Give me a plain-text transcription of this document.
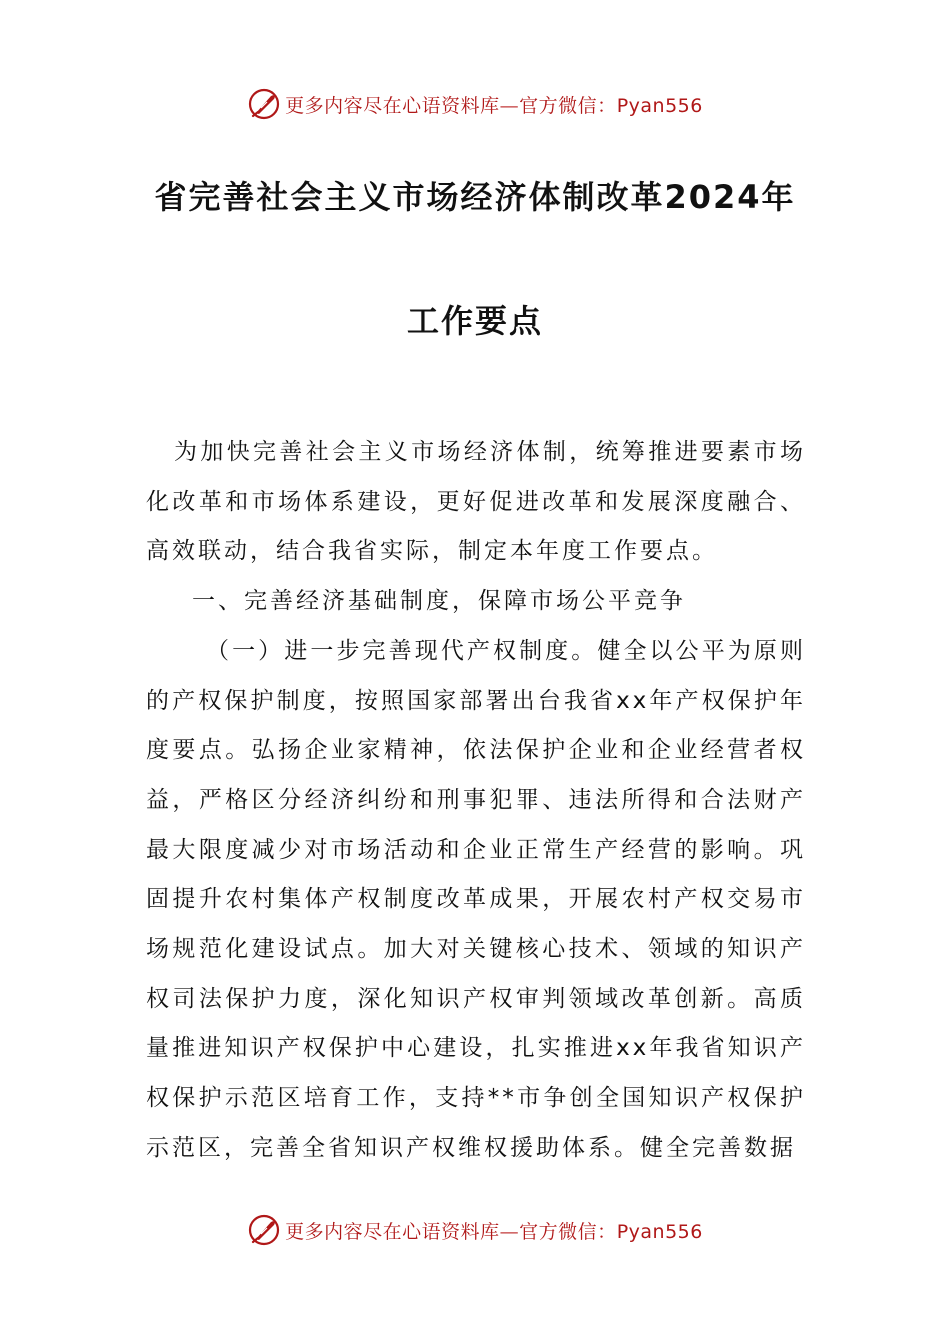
更多内容尽在心语资料库—官方微信：Pyan556
省完善社会主义市场经济体制改革2024年
工作要点

为加快完善社会主义市场经济体制，统筹推进要素市场化改革和市场体系建设，更好促进改革和发展深度融合、高效联动，结合我省实际，制定本年度工作要点。

一、完善经济基础制度，保障市场公平竞争

（一）进一步完善现代产权制度。健全以公平为原则的产权保护制度，按照国家部署出台我省xx年产权保护年度要点。弘扬企业家精神，依法保护企业和企业经营者权益，严格区分经济纠纷和刑事犯罪、违法所得和合法财产最大限度减少对市场活动和企业正常生产经营的影响。巩固提升农村集体产权制度改革成果，开展农村产权交易市场规范化建设试点。加大对关键核心技术、领域的知识产权司法保护力度，深化知识产权审判领域改革创新。高质量推进知识产权保护中心建设，扎实推进xx年我省知识产权保护示范区培育工作，支持**市争创全国知识产权保护示范区，完善全省知识产权维权援助体系。健全完善数据

更多内容尽在心语资料库—官方微信：Pyan556
